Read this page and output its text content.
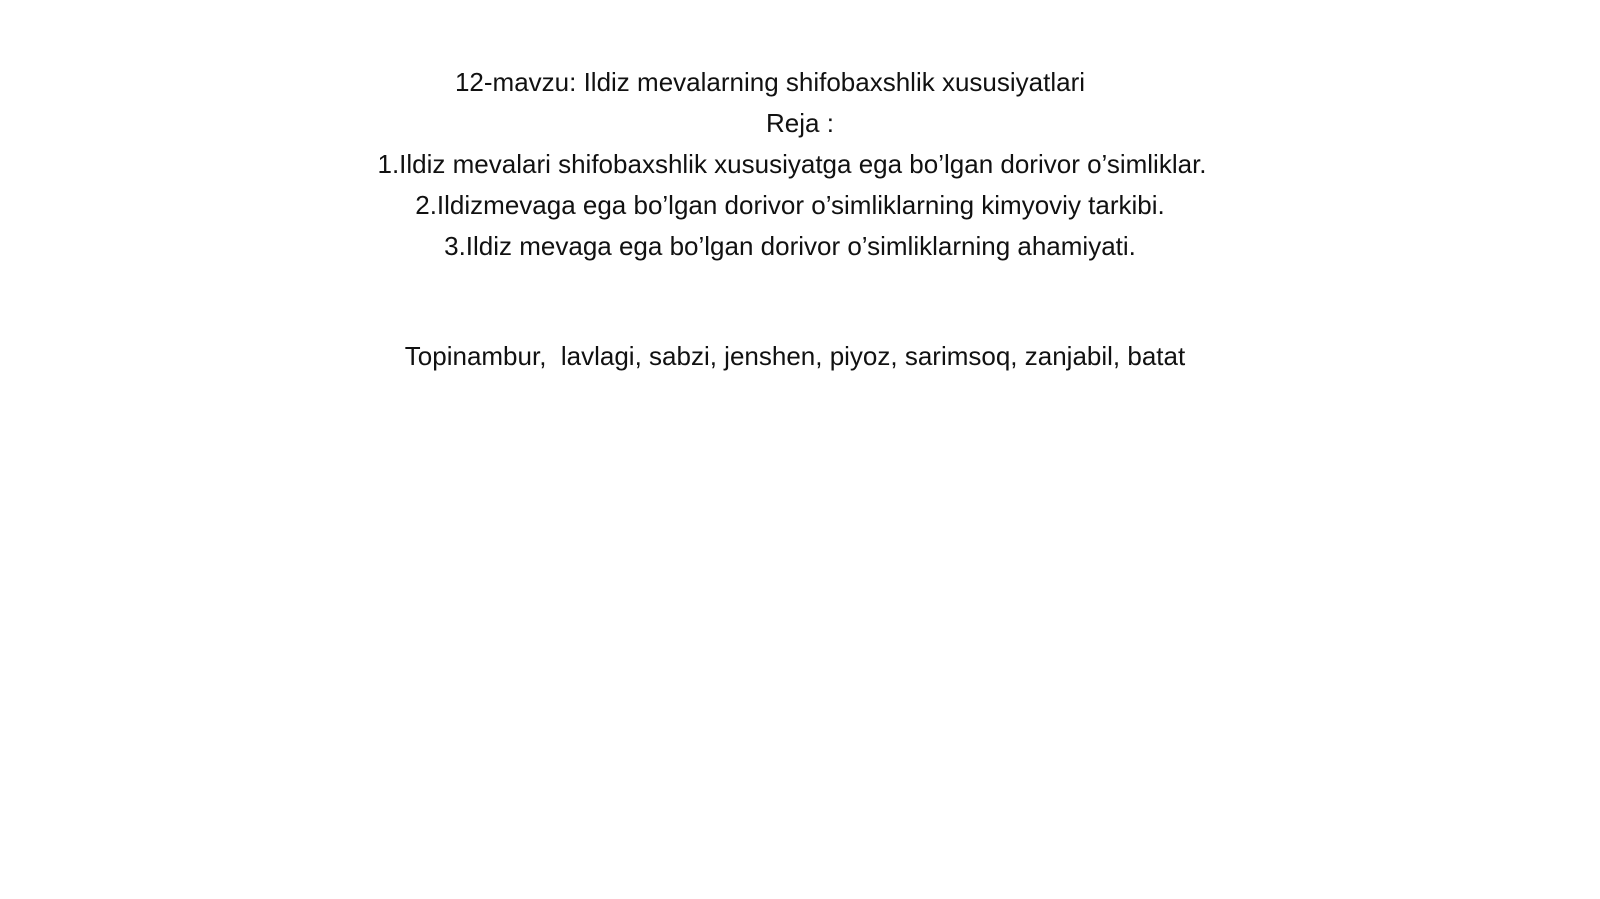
12-mavzu: Ildiz mevalarning shifobaxshlik xususiyatlari
Reja :
1.Ildiz mevalari shifobaxshlik xususiyatga ega bo’lgan dorivor o’simliklar.
2.Ildizmevaga ega bo’lgan dorivor o’simliklarning kimyoviy tarkibi.
3.Ildiz mevaga ega bo’lgan dorivor o’simliklarning ahamiyati.
Topinambur,  lavlagi, sabzi, jenshen, piyoz, sarimsoq, zanjabil, batat
